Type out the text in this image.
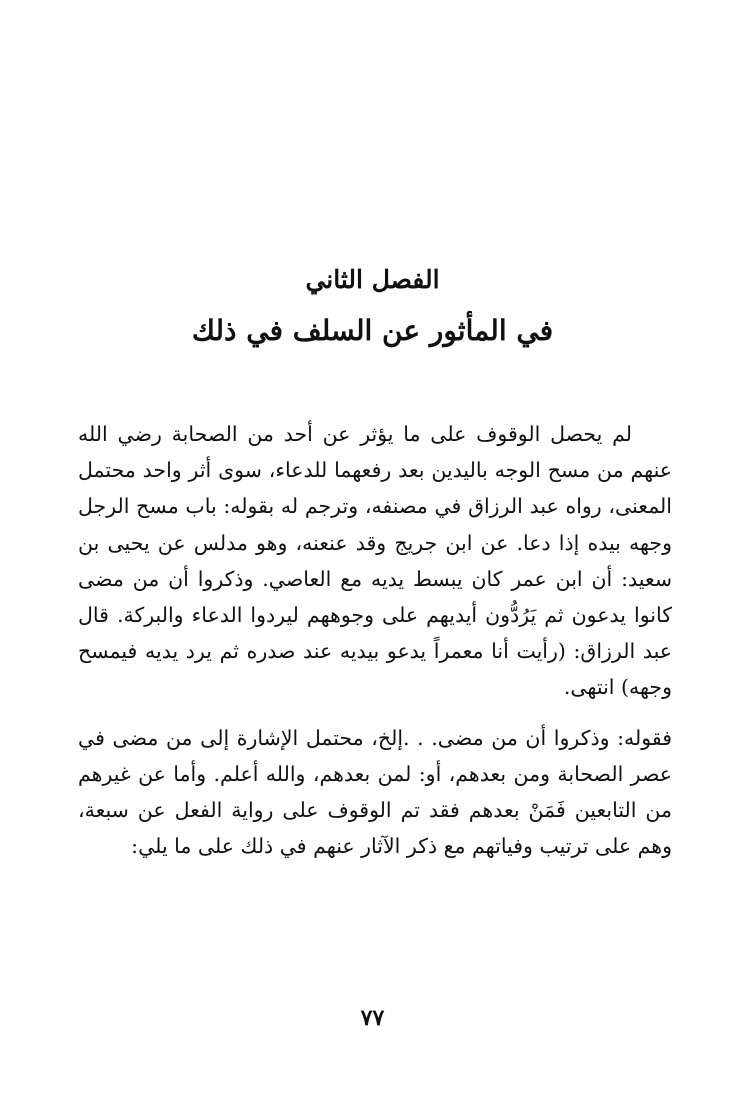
الفصل الثاني

في المأثور عن السلف في ذلك

لم يحصل الوقوف على ما يؤثر عن أحد من الصحابة رضي الله عنهم من مسح الوجه باليدين بعد رفعهما للدعاء، سوى أثر واحد محتمل المعنى، رواه عبد الرزاق في مصنفه، وترجم له بقوله: باب مسح الرجل وجهه بيده إذا دعا. عن ابن جريج وقد عنعنه، وهو مدلس عن يحيى بن سعيد: أن ابن عمر كان يبسط يديه مع العاصي. وذكروا أن من مضى كانوا يدعون ثم يَرُدُّون أيديهم على وجوههم ليردوا الدعاء والبركة. قال عبد الرزاق: (رأيت أنا معمراً يدعو بيديه عند صدره ثم يرد يديه فيمسح وجهه) انتهى.

فقوله: وذكروا أن من مضى. . .إلخ، محتمل الإشارة إلى من مضى في عصر الصحابة ومن بعدهم، أو: لمن بعدهم، والله أعلم. وأما عن غيرهم من التابعين فَمَنْ بعدهم فقد تم الوقوف على رواية الفعل عن سبعة، وهم على ترتيب وفياتهم مع ذكر الآثار عنهم في ذلك على ما يلي:

٧٧
